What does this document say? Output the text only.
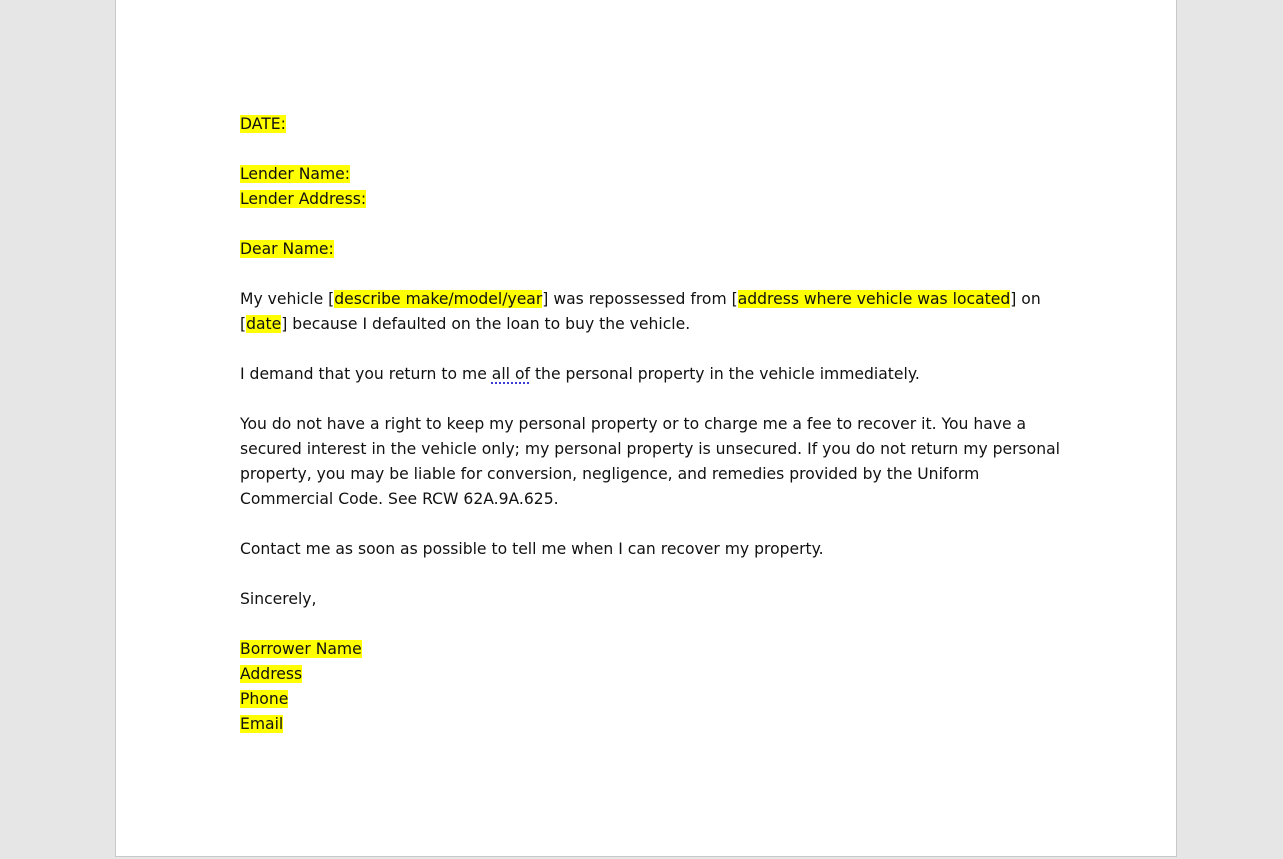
DATE:
Lender Name:
Lender Address:
Dear Name:
My vehicle [describe make/model/year] was repossessed from [address where vehicle was located] on
[date] because I defaulted on the loan to buy the vehicle.
I demand that you return to me all of the personal property in the vehicle immediately.
You do not have a right to keep my personal property or to charge me a fee to recover it. You have a
secured interest in the vehicle only; my personal property is unsecured. If you do not return my personal
property, you may be liable for conversion, negligence, and remedies provided by the Uniform
Commercial Code. See RCW 62A.9A.625.
Contact me as soon as possible to tell me when I can recover my property.
Sincerely,
Borrower Name
Address
Phone
Email
